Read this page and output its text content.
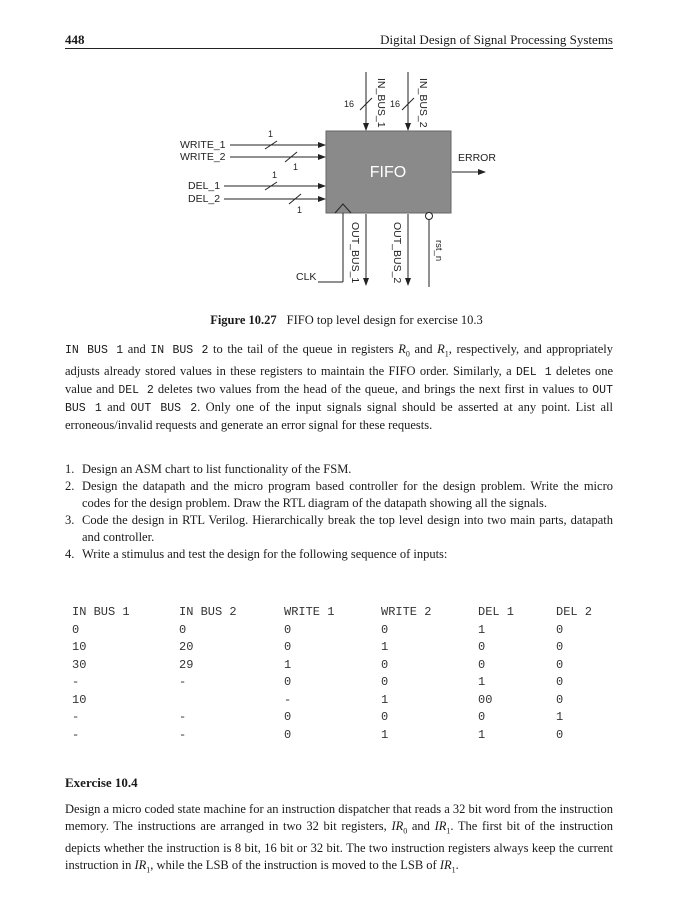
448	Digital Design of Signal Processing Systems
FIFO
CLK
1
WRITE_1
1
WRITE_2
1
DEL_1
1
DEL_2
16 IN_BUS_1 16 IN_BUS_2
OUT_BUS_1	OUT_BUS_2	rst_n
ERROR
Figure 10.27 FIFO top level design for exercise 10.3
IN BUS 1 and IN BUS 2 to the tail of the queue in registers $R_0$ and $R_1$, respectively, and appropriately adjusts already stored values in these registers to maintain the FIFO order. Similarly, a DEL 1 deletes one value and DEL 2 deletes two values from the head of the queue, and brings the next first in values to OUT BUS 1 and OUT BUS 2. Only one of the input signals signal should be asserted at any point. List all erroneous/invalid requests and generate an error signal for these requests.
1. Design an ASM chart to list functionality of the FSM.
2. Design the datapath and the micro program based controller for the design problem. Write the micro codes for the design problem. Draw the RTL diagram of the datapath showing all the signals.
3. Code the design in RTL Verilog. Hierarchically break the top level design into two main parts, datapath and controller.
4. Write a stimulus and test the design for the following sequence of inputs:
IN BUS 1	IN BUS 2	WRITE 1	WRITE 2	DEL 1	DEL 2
0	0	0	0	1	0
10	20	0	1	0	0
30	29	1	0	0	0
-	-	0	0	1	0
10		-	1	00	0
-	-	0	0	0	1
-	-	0	1	1	0
Exercise 10.4
Design a micro coded state machine for an instruction dispatcher that reads a 32 bit word from the instruction memory. The instructions are arranged in two 32 bit registers, $IR_0$ and $IR_1$. The first bit of the instruction depicts whether the instruction is 8 bit, 16 bit or 32 bit. The two instruction registers always keep the current instruction in $IR_1$, while the LSB of the instruction is moved to the LSB of $IR_1$.
